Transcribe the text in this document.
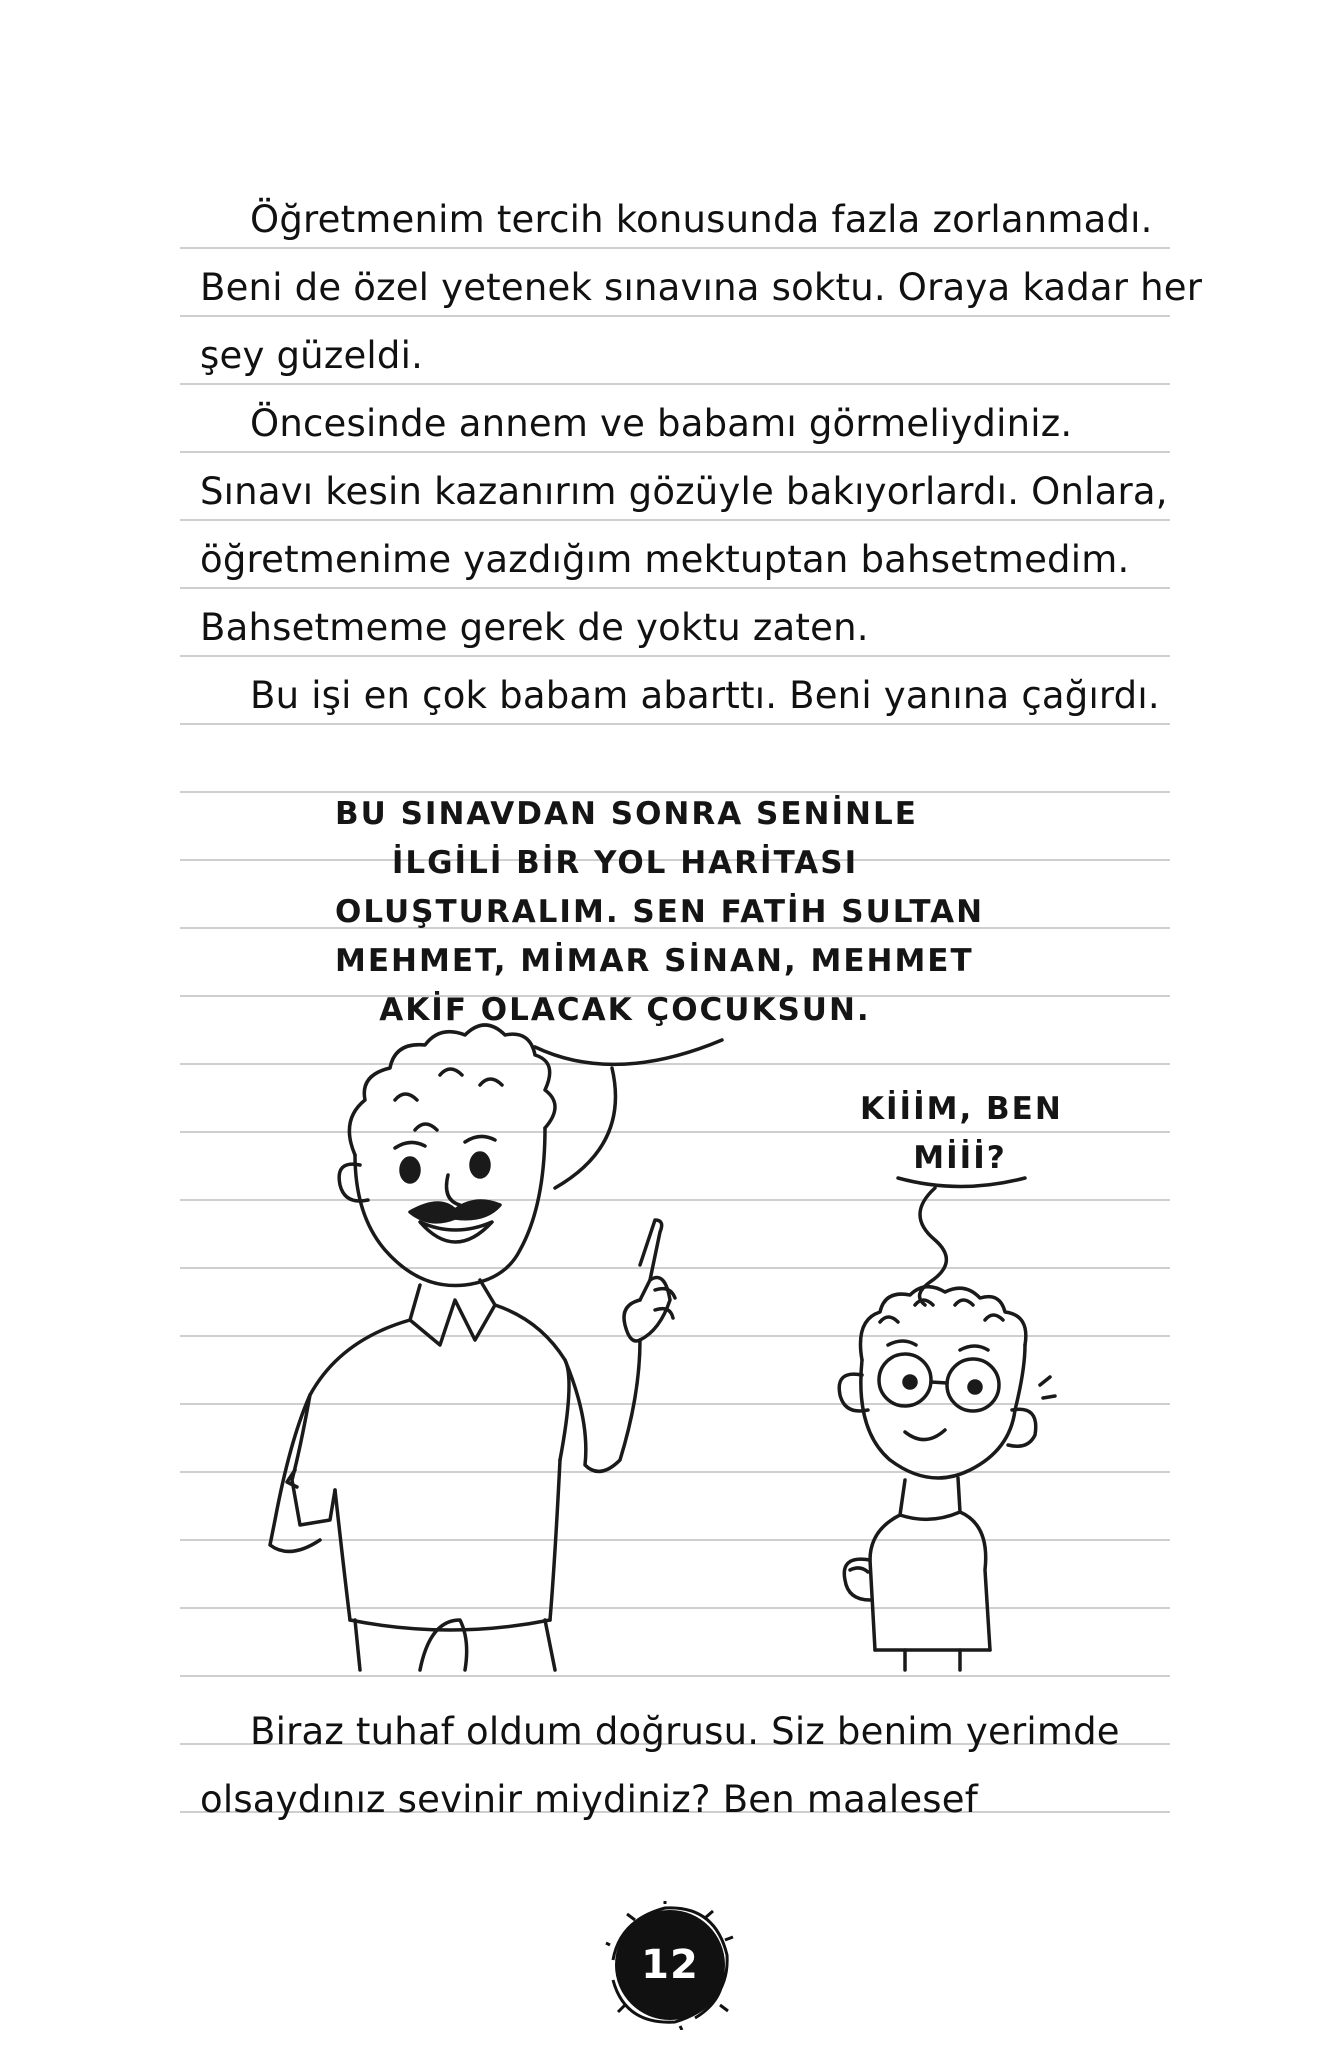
Öğretmenim tercih konusunda fazla zorlanmadı.
Beni de özel yetenek sınavına soktu. Oraya kadar her
şey güzeldi.
Öncesinde annem ve babamı görmeliydiniz.
Sınavı kesin kazanırım gözüyle bakıyorlardı. Onlara,
öğretmenime yazdığım mektuptan bahsetmedim.
Bahsetmeme gerek de yoktu zaten.
Bu işi en çok babam abarttı. Beni yanına çağırdı.
BU SINAVDAN SONRA SENİNLE
İLGİLİ BİR YOL HARİTASI
OLUŞTURALIM. SEN FATİH SULTAN
MEHMET, MİMAR SİNAN, MEHMET
AKİF OLACAK ÇOCUKSUN.
KİİİM, BEN
Mİİİ?
Biraz tuhaf oldum doğrusu. Siz benim yerimde
olsaydınız sevinir miydiniz? Ben maalesef
12
